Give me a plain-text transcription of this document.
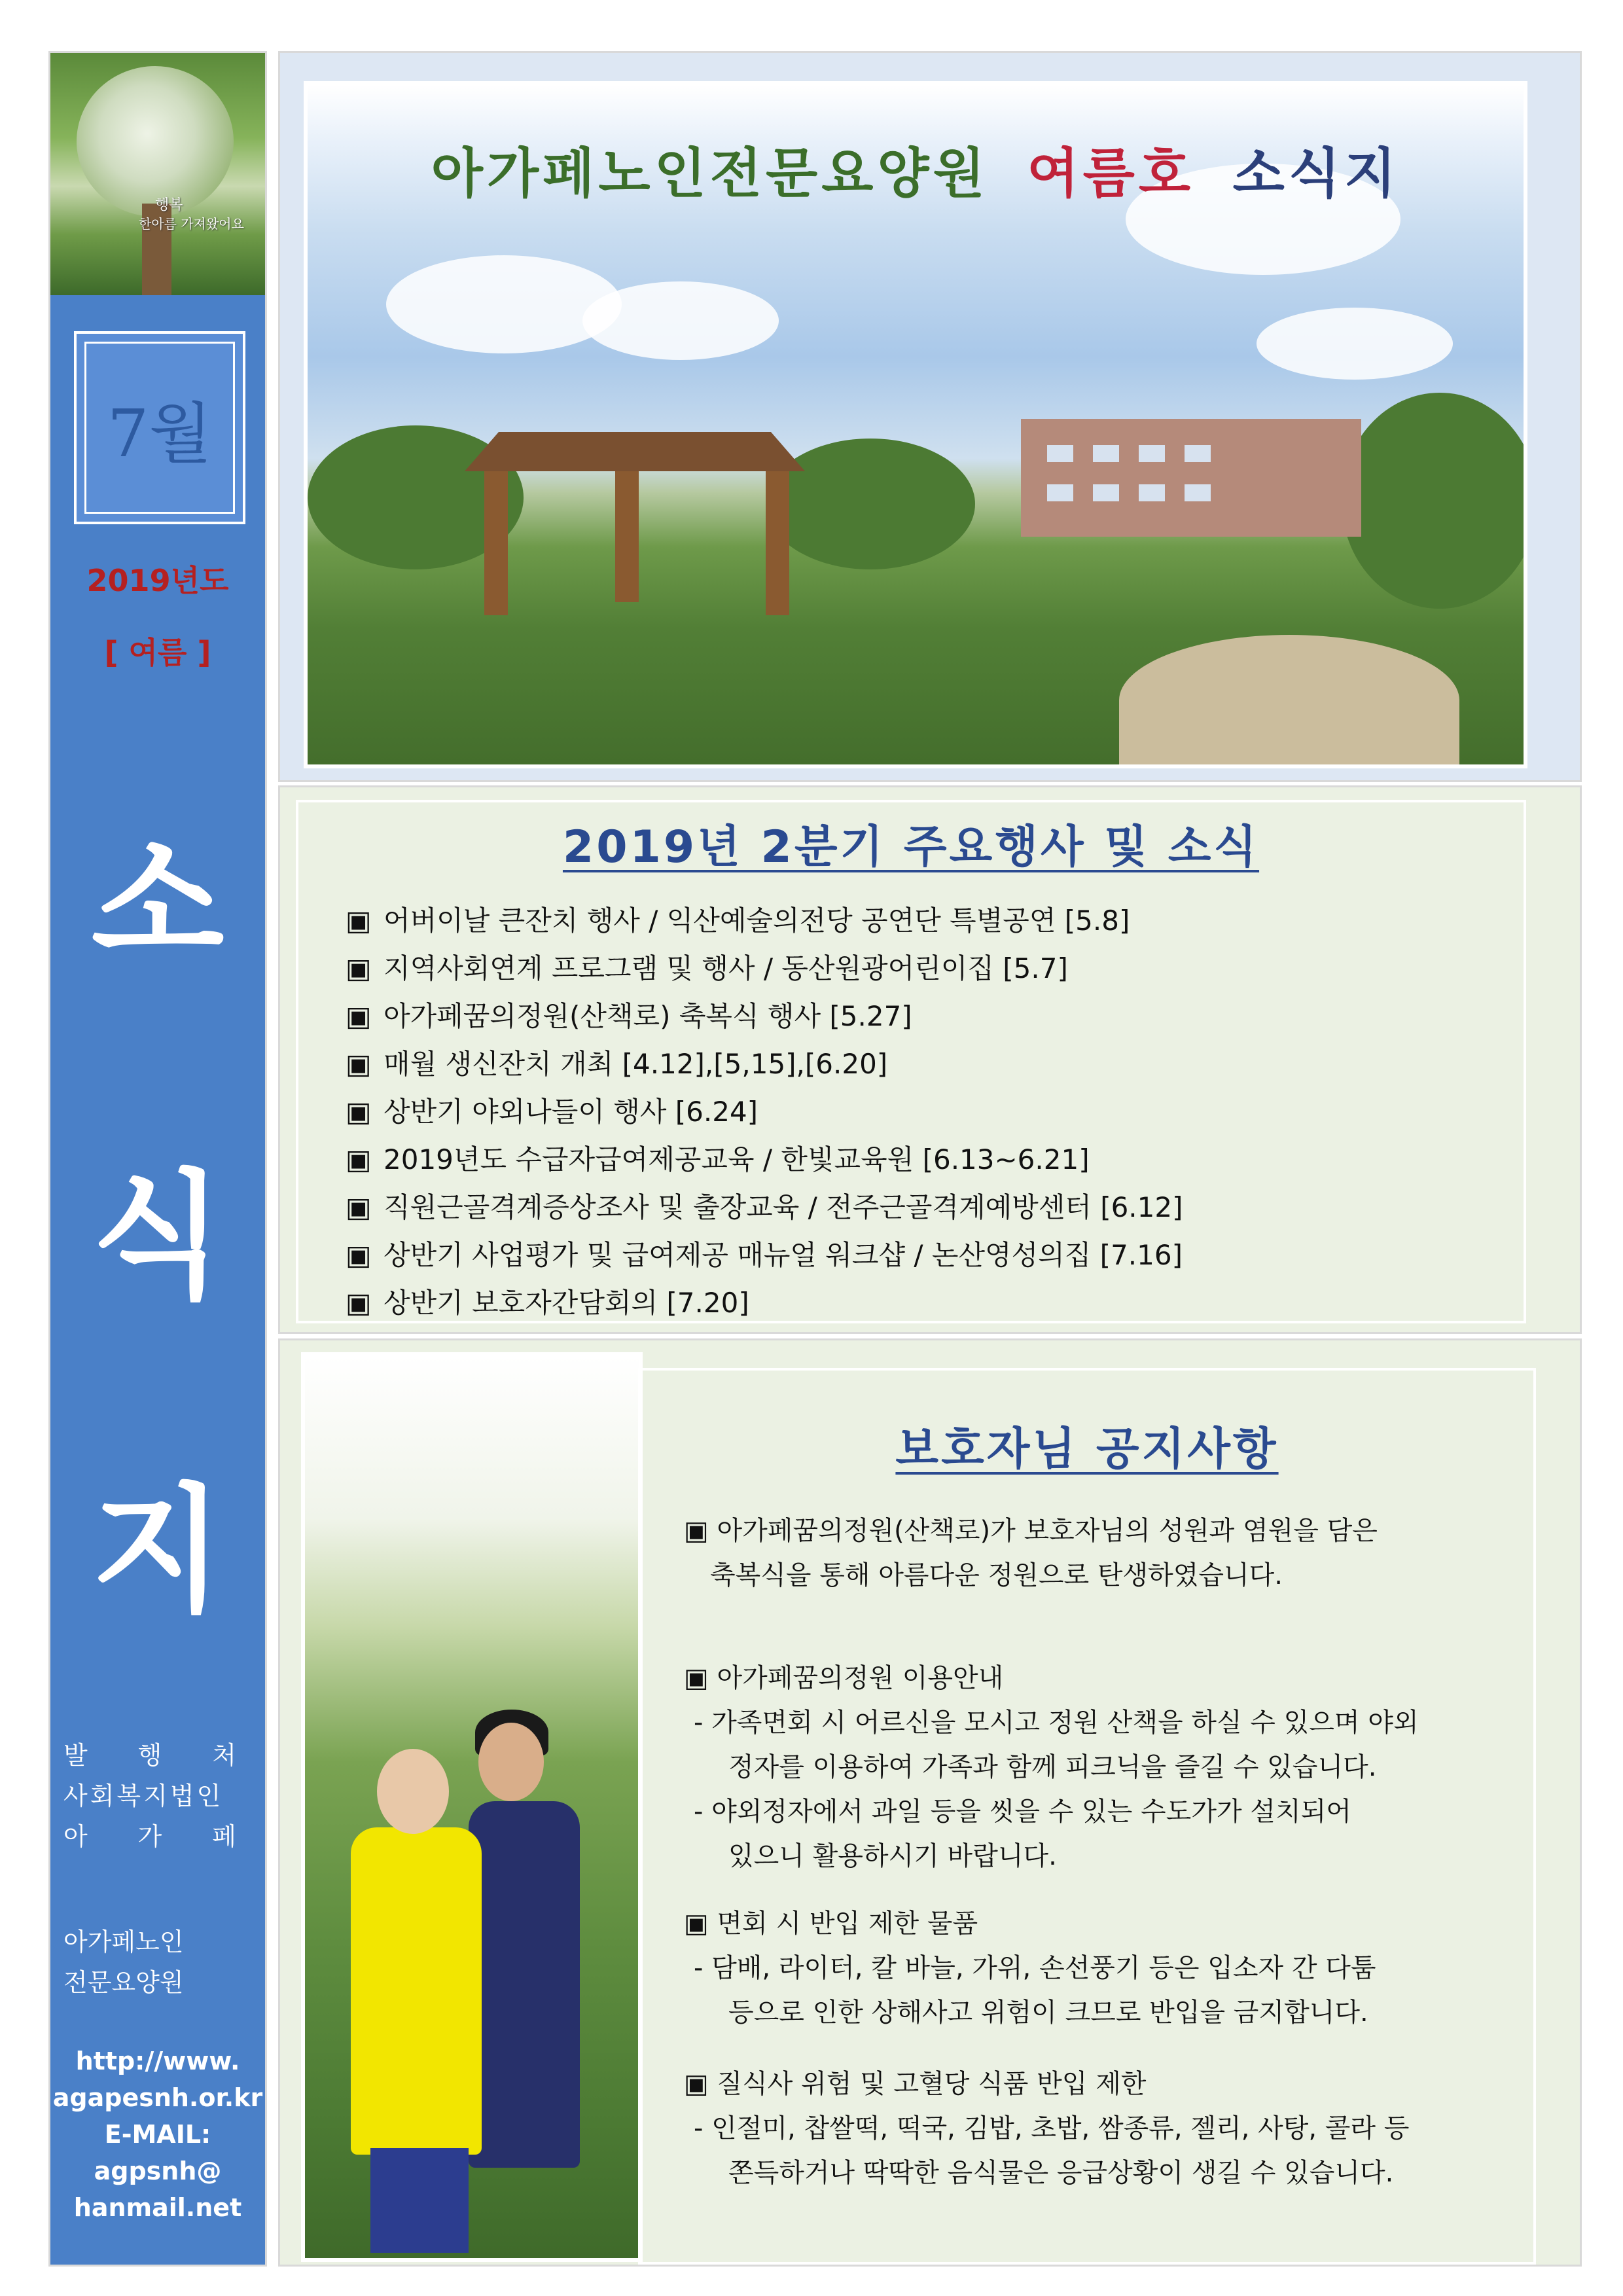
행복
한아름 가져왔어요
7월
2019년도
[ 여름 ]
소
식
지
발 행 처
사회복지법인
아 가 페
아가페노인
전문요양원
http://www.
agapesnh.or.kr
E-MAIL:
agpsnh@
hanmail.net
아가페노인전문요양원 여름호 소식지
2019년 2분기 주요행사 및 소식
▣ 어버이날 큰잔치 행사 / 익산예술의전당 공연단 특별공연 [5.8]
▣ 지역사회연계 프로그램 및 행사 / 동산원광어린이집 [5.7]
▣ 아가페꿈의정원(산책로) 축복식 행사 [5.27]
▣ 매월 생신잔치 개최 [4.12],[5,15],[6.20]
▣ 상반기 야외나들이 행사 [6.24]
▣ 2019년도 수급자급여제공교육 / 한빛교육원 [6.13~6.21]
▣ 직원근골격계증상조사 및 출장교육 / 전주근골격계예방센터 [6.12]
▣ 상반기 사업평가 및 급여제공 매뉴얼 워크샵 / 논산영성의집 [7.16]
▣ 상반기 보호자간담회의 [7.20]
보호자님 공지사항
▣ 아가페꿈의정원(산책로)가 보호자님의 성원과 염원을 담은
축복식을 통해 아름다운 정원으로 탄생하였습니다.
▣ 아가페꿈의정원 이용안내
- 가족면회 시 어르신을 모시고 정원 산책을 하실 수 있으며 야외
정자를 이용하여 가족과 함께 피크닉을 즐길 수 있습니다.
- 야외정자에서 과일 등을 씻을 수 있는 수도가가 설치되어
있으니 활용하시기 바랍니다.
▣ 면회 시 반입 제한 물품
- 담배, 라이터, 칼 바늘, 가위, 손선풍기 등은 입소자 간 다툼
등으로 인한 상해사고 위험이 크므로 반입을 금지합니다.
▣ 질식사 위험 및 고혈당 식품 반입 제한
- 인절미, 찹쌀떡, 떡국, 김밥, 초밥, 쌈종류, 젤리, 사탕, 콜라 등
쫀득하거나 딱딱한 음식물은 응급상황이 생길 수 있습니다.
